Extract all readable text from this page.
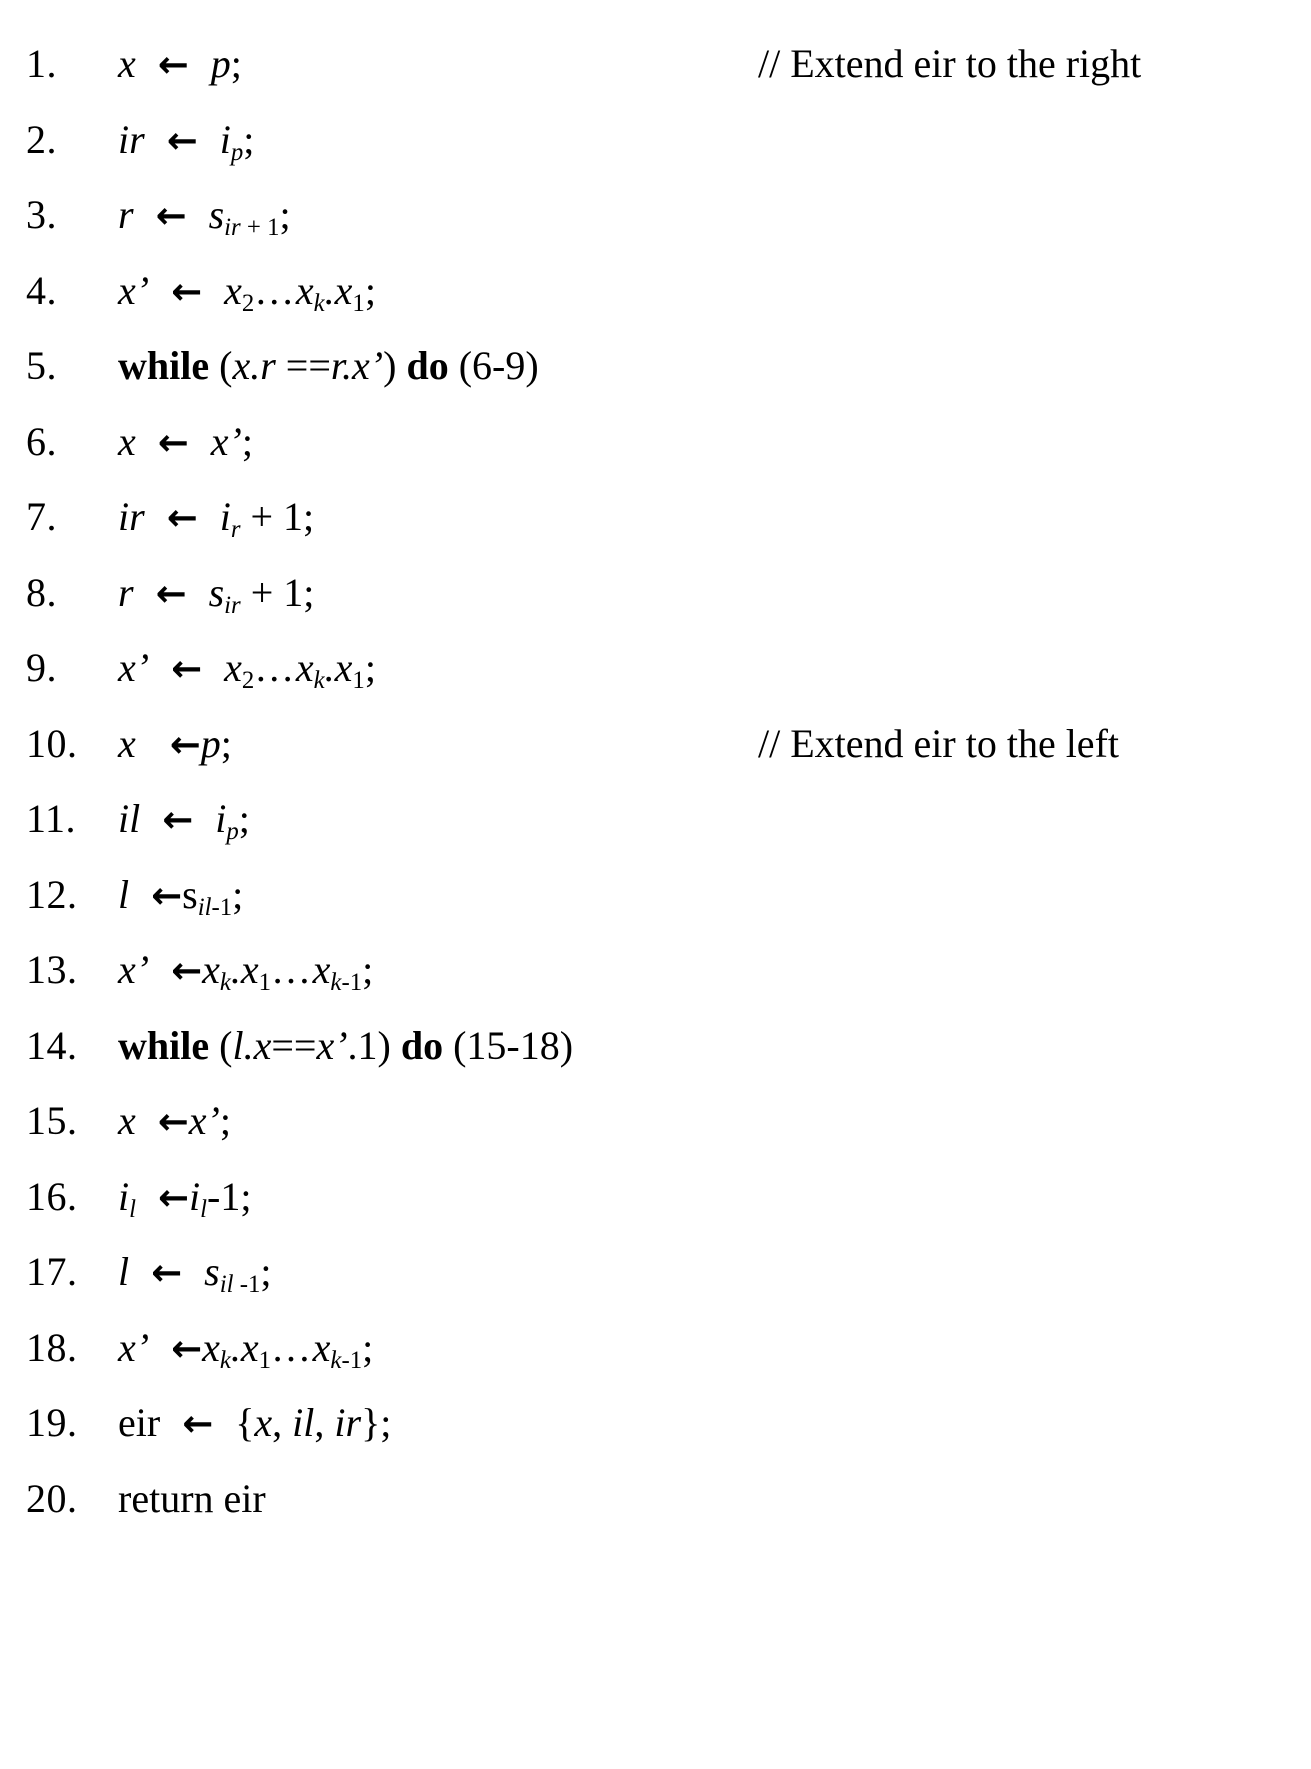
1.	x ← p;	// Extend eir to the right
2.	ir ← $i_p$;
3.	r ← $s_{ir + 1}$;
4.	x’ ← $x_2\dots x_k.x_1$;
5.	while (x.r ==r.x’) do (6-9)
6.	x ← x’;
7.	ir ← $i_r + 1$;
8.	r ← $s_{ir} + 1$;
9.	x’ ← $x_2\dots x_k.x_1$;
10.	x ←p;	// Extend eir to the left
11.	il ← $i_p$;
12.	l $\leftarrow s_{il-1}$;
13.	x’ $\leftarrow x_k.x_1\dots x_{k-1}$;
14.	while (l.x==x’.1) do (15-18)
15.	x ←x’;
16.	$i_l$ $\leftarrow i_l-1$;
17.	l ← $s_{il -1}$;
18.	x’ $\leftarrow x_k.x_1\dots x_{k-1}$;
19.	eir ← {x, il, ir};
20.	return eir
